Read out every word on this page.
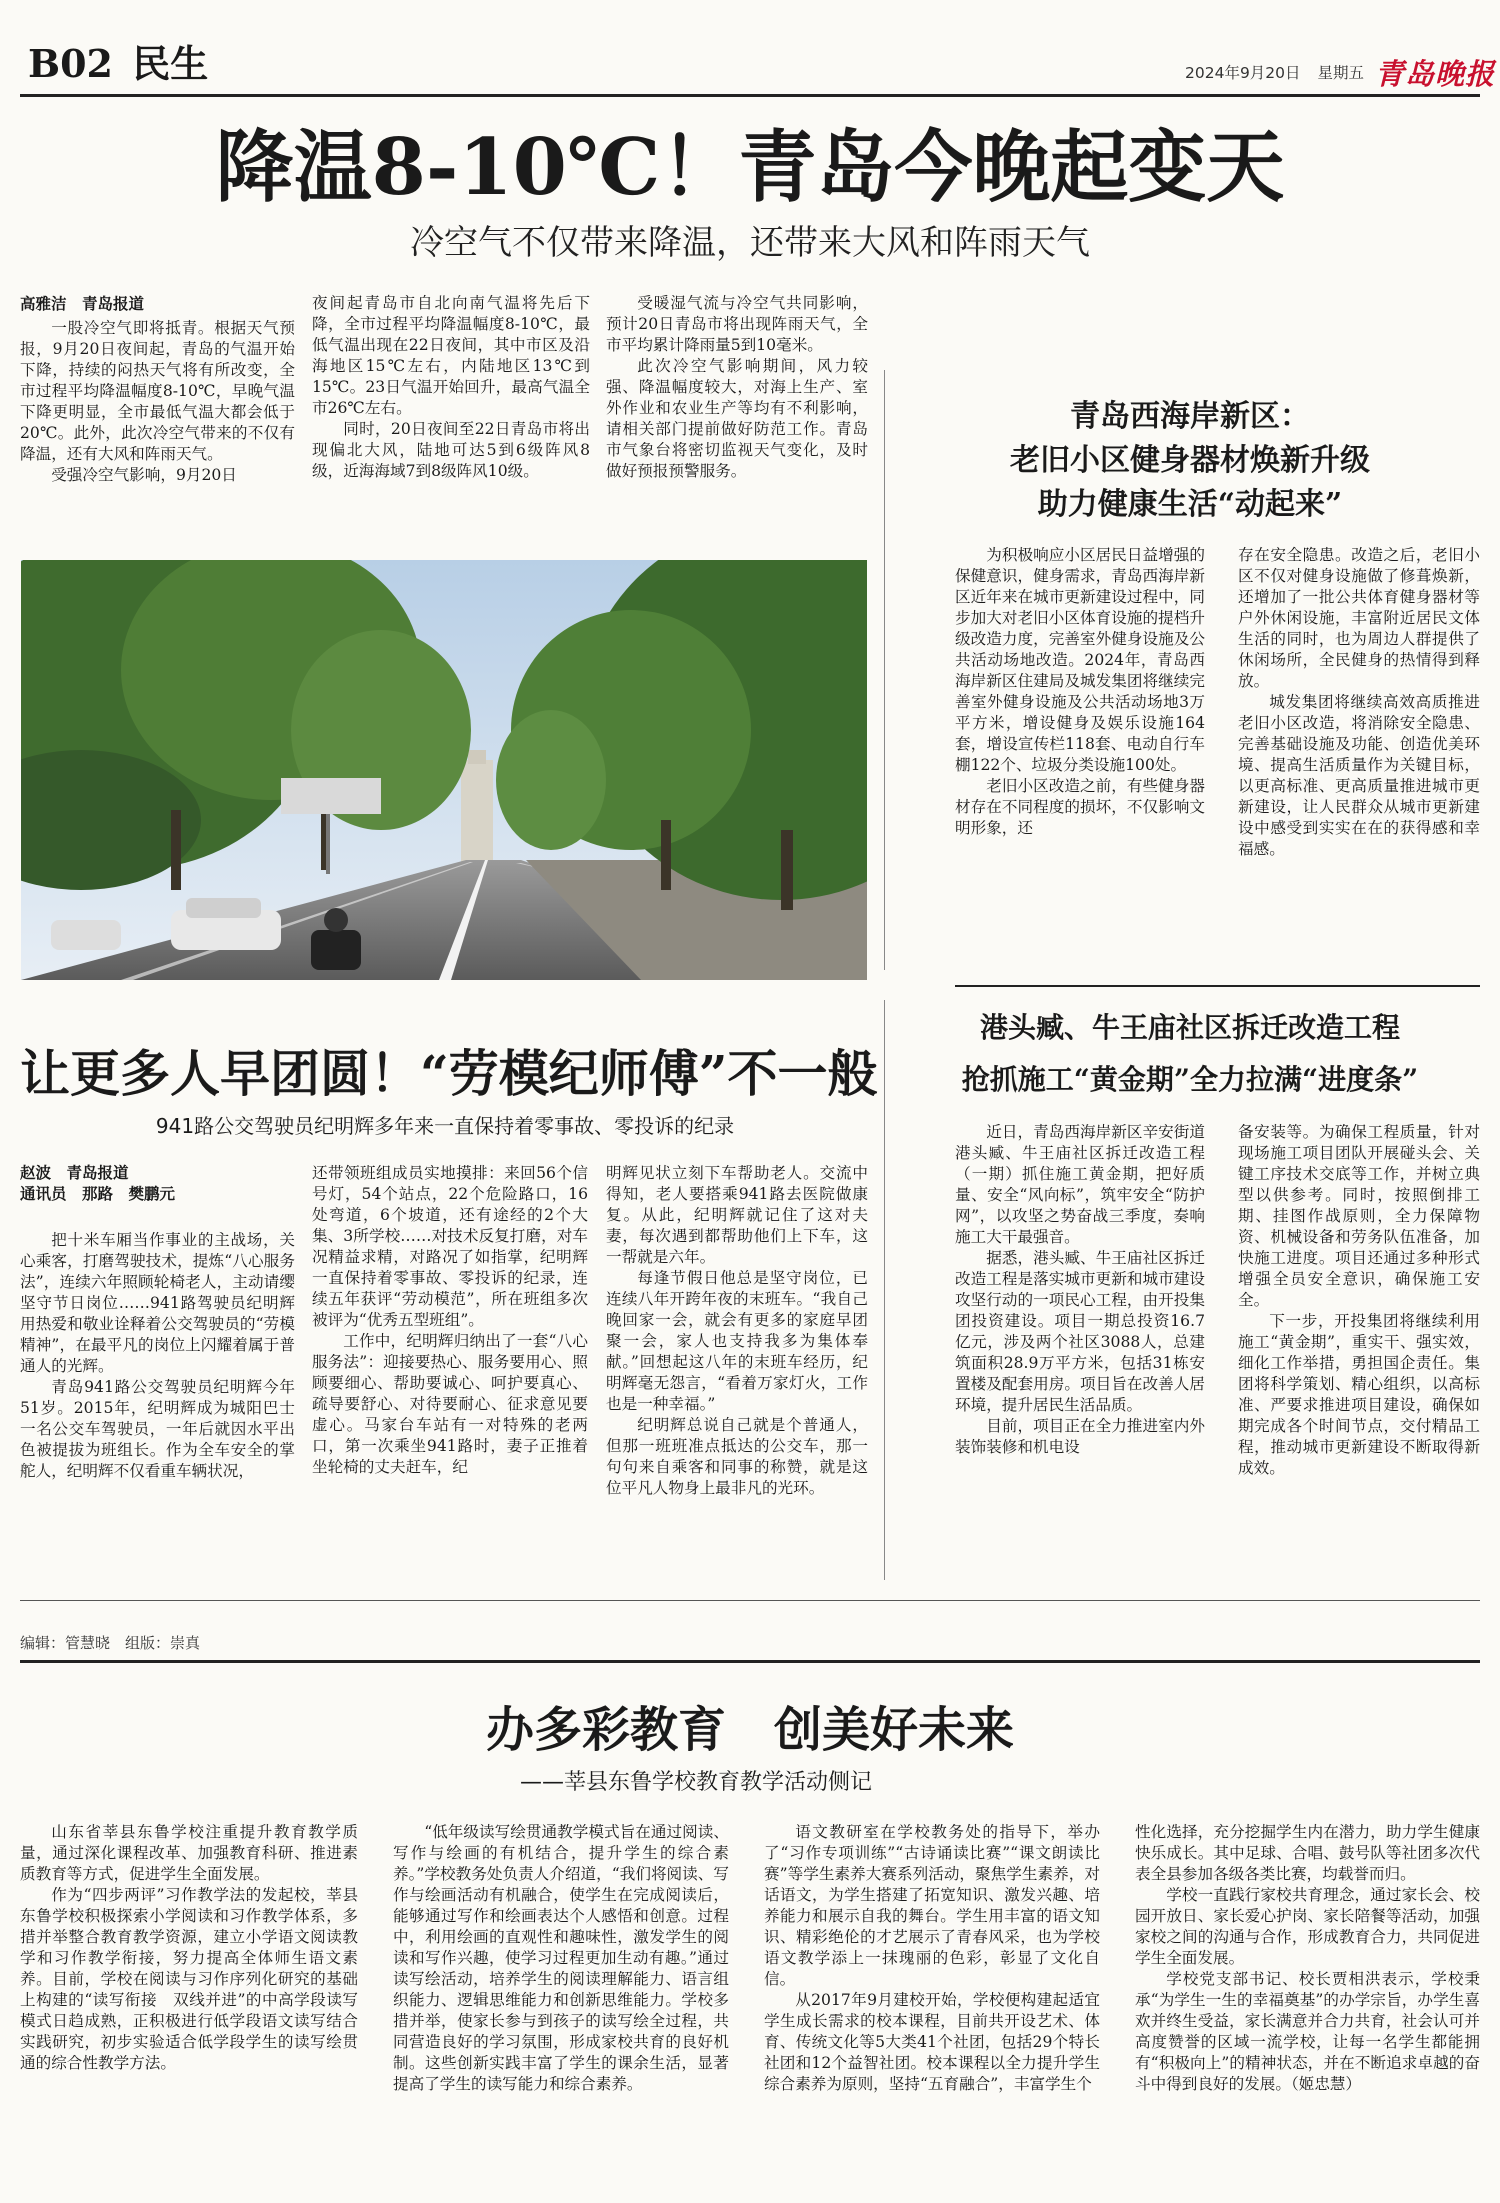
B02 民生	2024年9月20日 星期五 青岛晚报
降温8-10℃！青岛今晚起变天
冷空气不仅带来降温，还带来大风和阵雨天气
高雅洁　青岛报道

一股冷空气即将抵青。根据天气预报，9月20日夜间起，青岛的气温开始下降，持续的闷热天气将有所改变，全市过程平均降温幅度8-10℃，早晚气温下降更明显，全市最低气温大都会低于20℃。此外，此次冷空气带来的不仅有降温，还有大风和阵雨天气。

受强冷空气影响，9月20日

夜间起青岛市自北向南气温将先后下降，全市过程平均降温幅度8-10℃，最低气温出现在22日夜间，其中市区及沿海地区15℃左右，内陆地区13℃到15℃。23日气温开始回升，最高气温全市26℃左右。

同时，20日夜间至22日青岛市将出现偏北大风，陆地可达5到6级阵风8级，近海海域7到8级阵风10级。

受暖湿气流与冷空气共同影响，预计20日青岛市将出现阵雨天气，全市平均累计降雨量5到10毫米。

此次冷空气影响期间，风力较强、降温幅度较大，对海上生产、室外作业和农业生产等均有不利影响，请相关部门提前做好防范工作。青岛市气象台将密切监视天气变化，及时做好预报预警服务。

青岛西海岸新区：
老旧小区健身器材焕新升级
助力健康生活“动起来”

为积极响应小区居民日益增强的保健意识，健身需求，青岛西海岸新区近年来在城市更新建设过程中，同步加大对老旧小区体育设施的提档升级改造力度，完善室外健身设施及公共活动场地改造。2024年，青岛西海岸新区住建局及城发集团将继续完善室外健身设施及公共活动场地3万平方米，增设健身及娱乐设施164套，增设宣传栏118套、电动自行车棚122个、垃圾分类设施100处。

老旧小区改造之前，有些健身器材存在不同程度的损坏，不仅影响文明形象，还

存在安全隐患。改造之后，老旧小区不仅对健身设施做了修葺焕新，还增加了一批公共体育健身器材等户外休闲设施，丰富附近居民文体生活的同时，也为周边人群提供了休闲场所，全民健身的热情得到释放。

城发集团将继续高效高质推进老旧小区改造，将消除安全隐患、完善基础设施及功能、创造优美环境、提高生活质量作为关键目标，以更高标准、更高质量推进城市更新建设，让人民群众从城市更新建设中感受到实实在在的获得感和幸福感。

让更多人早团圆！“劳模纪师傅”不一般
941路公交驾驶员纪明辉多年来一直保持着零事故、零投诉的纪录
赵波　青岛报道
通讯员　那路　樊鹏元

把十米车厢当作事业的主战场，关心乘客，打磨驾驶技术，提炼“八心服务法”，连续六年照顾轮椅老人，主动请缨坚守节日岗位……941路驾驶员纪明辉用热爱和敬业诠释着公交驾驶员的“劳模精神”，在最平凡的岗位上闪耀着属于普通人的光辉。

青岛941路公交驾驶员纪明辉今年51岁。2015年，纪明辉成为城阳巴士一名公交车驾驶员，一年后就因水平出色被提拔为班组长。作为全车安全的掌舵人，纪明辉不仅看重车辆状况，

还带领班组成员实地摸排：来回56个信号灯，54个站点，22个危险路口，16处弯道，6个坡道，还有途经的2个大集、3所学校……对技术反复打磨，对车况精益求精，对路况了如指掌，纪明辉一直保持着零事故、零投诉的纪录，连续五年获评“劳动模范”，所在班组多次被评为“优秀五型班组”。

工作中，纪明辉归纳出了一套“八心服务法”：迎接要热心、服务要用心、照顾要细心、帮助要诚心、呵护要真心、疏导要舒心、对待要耐心、征求意见要虚心。马家台车站有一对特殊的老两口，第一次乘坐941路时，妻子正推着坐轮椅的丈夫赶车，纪

明辉见状立刻下车帮助老人。交流中得知，老人要搭乘941路去医院做康复。从此，纪明辉就记住了这对夫妻，每次遇到都帮助他们上下车，这一帮就是六年。

每逢节假日他总是坚守岗位，已连续八年开跨年夜的末班车。“我自己晚回家一会，就会有更多的家庭早团聚一会，家人也支持我多为集体奉献。”回想起这八年的末班车经历，纪明辉毫无怨言，“看着万家灯火，工作也是一种幸福。”

纪明辉总说自己就是个普通人，但那一班班准点抵达的公交车，那一句句来自乘客和同事的称赞，就是这位平凡人物身上最非凡的光环。

港头臧、牛王庙社区拆迁改造工程
抢抓施工“黄金期”全力拉满“进度条”

近日，青岛西海岸新区辛安街道港头臧、牛王庙社区拆迁改造工程（一期）抓住施工黄金期，把好质量、安全“风向标”，筑牢安全“防护网”，以攻坚之势奋战三季度，奏响施工大干最强音。

据悉，港头臧、牛王庙社区拆迁改造工程是落实城市更新和城市建设攻坚行动的一项民心工程，由开投集团投资建设。项目一期总投资16.7亿元，涉及两个社区3088人，总建筑面积28.9万平方米，包括31栋安置楼及配套用房。项目旨在改善人居环境，提升居民生活品质。

目前，项目正在全力推进室内外装饰装修和机电设

备安装等。为确保工程质量，针对现场施工项目团队开展碰头会、关键工序技术交底等工作，并树立典型以供参考。同时，按照倒排工期、挂图作战原则，全力保障物资、机械设备和劳务队伍准备，加快施工进度。项目还通过多种形式增强全员安全意识，确保施工安全。

下一步，开投集团将继续利用施工“黄金期”，重实干、强实效，细化工作举措，勇担国企责任。集团将科学策划、精心组织，以高标准、严要求推进项目建设，确保如期完成各个时间节点，交付精品工程，推动城市更新建设不断取得新成效。

编辑：管慧晓　组版：崇真
办多彩教育　创美好未来
——莘县东鲁学校教育教学活动侧记

山东省莘县东鲁学校注重提升教育教学质量，通过深化课程改革、加强教育科研、推进素质教育等方式，促进学生全面发展。

作为“四步两评”习作教学法的发起校，莘县东鲁学校积极探索小学阅读和习作教学体系，多措并举整合教育教学资源，建立小学语文阅读教学和习作教学衔接，努力提高全体师生语文素养。目前，学校在阅读与习作序列化研究的基础上构建的“读写衔接　双线并进”的中高学段读写模式日趋成熟，正积极进行低学段语文读写结合实践研究，初步实验适合低学段学生的读写绘贯通的综合性教学方法。

“低年级读写绘贯通教学模式旨在通过阅读、写作与绘画的有机结合，提升学生的综合素养。”学校教务处负责人介绍道，“我们将阅读、写作与绘画活动有机融合，使学生在完成阅读后，能够通过写作和绘画表达个人感悟和创意。过程中，利用绘画的直观性和趣味性，激发学生的阅读和写作兴趣，使学习过程更加生动有趣。”通过读写绘活动，培养学生的阅读理解能力、语言组织能力、逻辑思维能力和创新思维能力。学校多措并举，使家长参与到孩子的读写绘全过程，共同营造良好的学习氛围，形成家校共育的良好机制。这些创新实践丰富了学生的课余生活，显著提高了学生的读写能力和综合素养。

语文教研室在学校教务处的指导下，举办了“习作专项训练”“古诗诵读比赛”“课文朗读比赛”等学生素养大赛系列活动，聚焦学生素养，对话语文，为学生搭建了拓宽知识、激发兴趣、培养能力和展示自我的舞台。学生用丰富的语文知识、精彩绝伦的才艺展示了青春风采，也为学校语文教学添上一抹瑰丽的色彩，彰显了文化自信。

从2017年9月建校开始，学校便构建起适宜学生成长需求的校本课程，目前共开设艺术、体育、传统文化等5大类41个社团，包括29个特长社团和12个益智社团。校本课程以全力提升学生综合素养为原则，坚持“五育融合”，丰富学生个

性化选择，充分挖掘学生内在潜力，助力学生健康快乐成长。其中足球、合唱、鼓号队等社团多次代表全县参加各级各类比赛，均载誉而归。

学校一直践行家校共育理念，通过家长会、校园开放日、家长爱心护岗、家长陪餐等活动，加强家校之间的沟通与合作，形成教育合力，共同促进学生全面发展。

学校党支部书记、校长贾相洪表示，学校秉承“为学生一生的幸福奠基”的办学宗旨，办学生喜欢并终生受益，家长满意并合力共育，社会认可并高度赞誉的区域一流学校，让每一名学生都能拥有“积极向上”的精神状态，并在不断追求卓越的奋斗中得到良好的发展。（姬忠慧）
